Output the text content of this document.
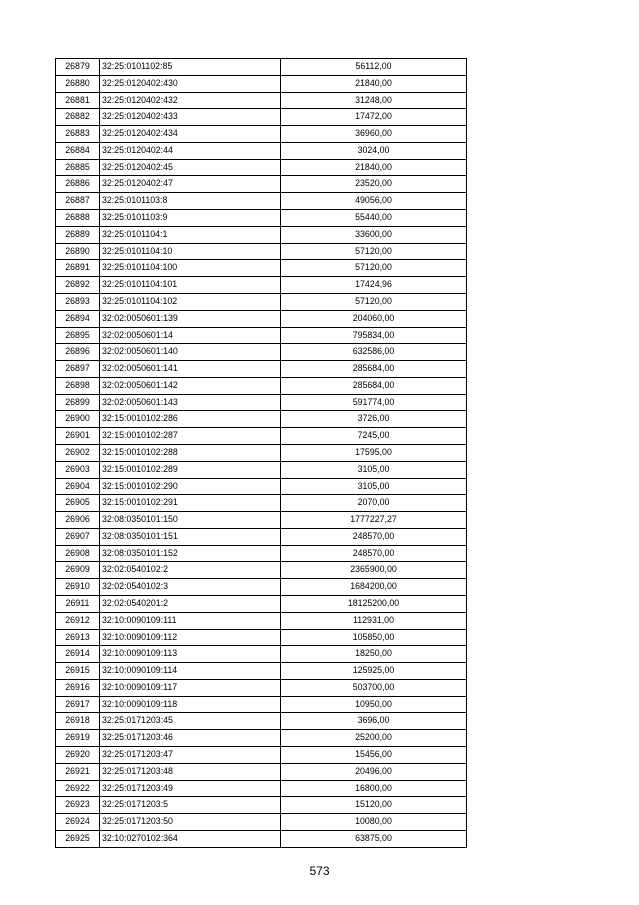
26879	32:25:0101102:85	56112,00
26880	32:25:0120402:430	21840,00
26881	32:25:0120402:432	31248,00
26882	32:25:0120402:433	17472,00
26883	32:25:0120402:434	36960,00
26884	32:25:0120402:44	3024,00
26885	32:25:0120402:45	21840,00
26886	32:25:0120402:47	23520,00
26887	32:25:0101103:8	49056,00
26888	32:25:0101103:9	55440,00
26889	32:25:0101104:1	33600,00
26890	32:25:0101104:10	57120,00
26891	32:25:0101104:100	57120,00
26892	32:25:0101104:101	17424,96
26893	32:25:0101104:102	57120,00
26894	32:02:0050601:139	204060,00
26895	32:02:0050601:14	795834,00
26896	32:02:0050601:140	632586,00
26897	32:02:0050601:141	285684,00
26898	32:02:0050601:142	285684,00
26899	32:02:0050601:143	591774,00
26900	32:15:0010102:286	3726,00
26901	32:15:0010102:287	7245,00
26902	32:15:0010102:288	17595,00
26903	32:15:0010102:289	3105,00
26904	32:15:0010102:290	3105,00
26905	32:15:0010102:291	2070,00
26906	32:08:0350101:150	1777227,27
26907	32:08:0350101:151	248570,00
26908	32:08:0350101:152	248570,00
26909	32:02:0540102:2	2365900,00
26910	32:02:0540102:3	1684200,00
26911	32:02:0540201:2	18125200,00
26912	32:10:0090109:111	112931,00
26913	32:10:0090109:112	105850,00
26914	32:10:0090109:113	18250,00
26915	32:10:0090109:114	125925,00
26916	32:10:0090109:117	503700,00
26917	32:10:0090109:118	10950,00
26918	32:25:0171203:45	3696,00
26919	32:25:0171203:46	25200,00
26920	32:25:0171203:47	15456,00
26921	32:25:0171203:48	20496,00
26922	32:25:0171203:49	16800,00
26923	32:25:0171203:5	15120,00
26924	32:25:0171203:50	10080,00
26925	32:10:0270102:364	63875,00
573
